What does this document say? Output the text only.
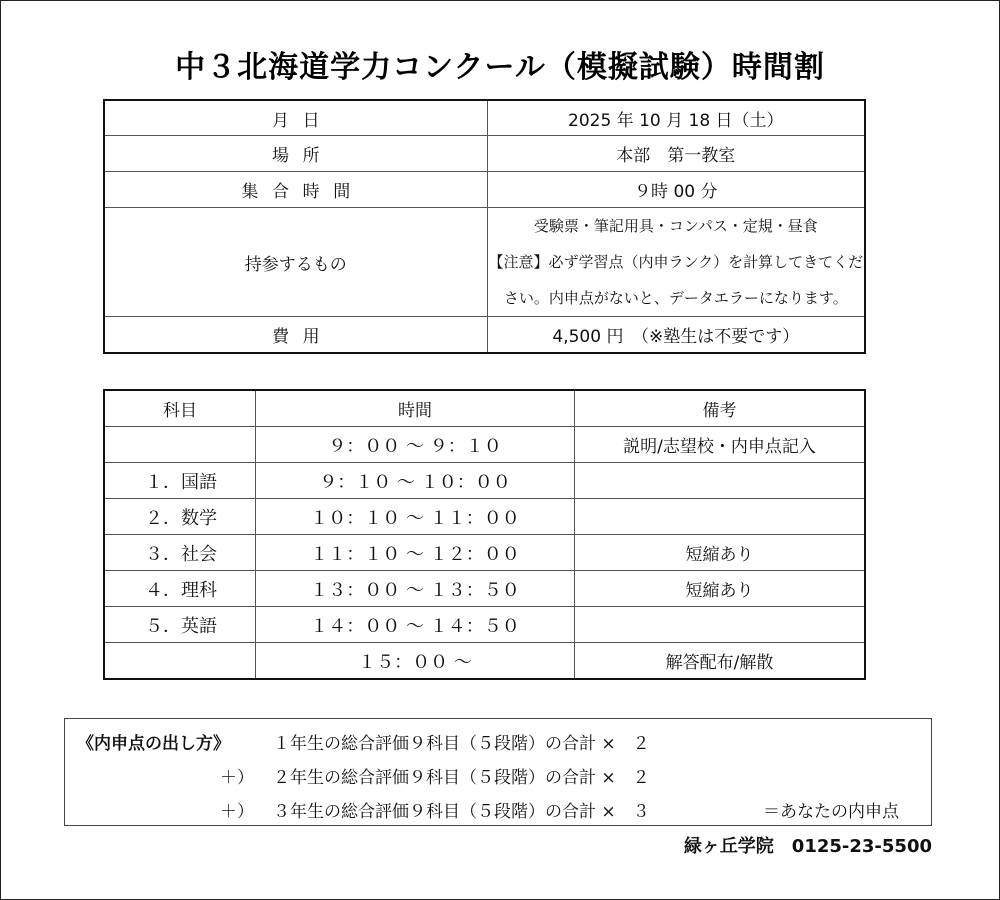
中３北海道学力コンクール（模擬試験）時間割
月日	2025 年 10 月 18 日（土）
場所	本部　第一教室
集合時間	９時 00 分
持参するもの	受験票・筆記用具・コンパス・定規・昼食
【注意】必ず学習点（内申ランク）を計算してきてくだ
さい。内申点がないと、データエラーになります。

費用	4,500 円　（※塾生は不要です）
科目	時間	備考
	９：００ ～ ９：１０	説明/志望校・内申点記入
１．国語	９：１０ ～ １０：００	
２．数学	１０：１０ ～ １１：００	
３．社会	１１：１０ ～ １２：００	短縮あり
４．理科	１３：００ ～ １３：５０	短縮あり
５．英語	１４：００ ～ １４：５０	
	１５：００ ～	解答配布/解散
《内申点の出し方》	１年生の総合評価９科目（５段階）の合計 ×　２
＋） ２年生の総合評価９科目（５段階）の合計 ×　２
＋） ３年生の総合評価９科目（５段階）の合計 ×　３	＝あなたの内申点
緑ヶ丘学院　0125-23-5500
